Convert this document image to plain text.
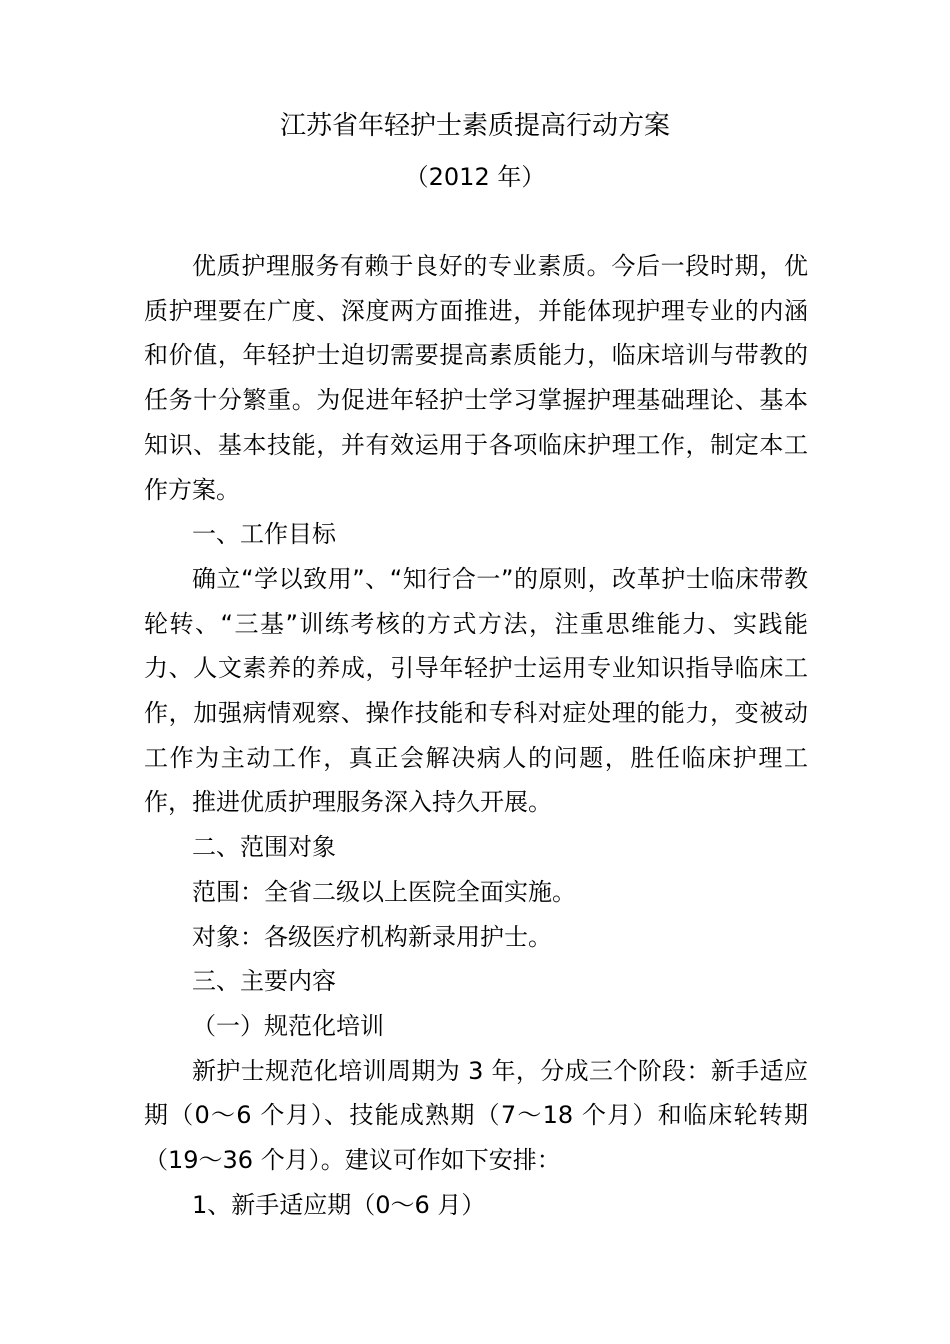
江苏省年轻护士素质提高行动方案
（2012 年）

优质护理服务有赖于良好的专业素质。今后一段时期，优质护理要在广度、深度两方面推进，并能体现护理专业的内涵和价值，年轻护士迫切需要提高素质能力，临床培训与带教的任务十分繁重。为促进年轻护士学习掌握护理基础理论、基本知识、基本技能，并有效运用于各项临床护理工作，制定本工作方案。

一、工作目标

确立“学以致用”、“知行合一”的原则，改革护士临床带教轮转、“三基”训练考核的方式方法，注重思维能力、实践能力、人文素养的养成，引导年轻护士运用专业知识指导临床工作，加强病情观察、操作技能和专科对症处理的能力，变被动工作为主动工作，真正会解决病人的问题，胜任临床护理工作，推进优质护理服务深入持久开展。

二、范围对象

范围：全省二级以上医院全面实施。

对象：各级医疗机构新录用护士。

三、主要内容

（一）规范化培训

新护士规范化培训周期为 3 年，分成三个阶段：新手适应期（0～6 个月）、技能成熟期（7～18 个月）和临床轮转期（19～36 个月）。建议可作如下安排：

1、新手适应期（0～6 月）
